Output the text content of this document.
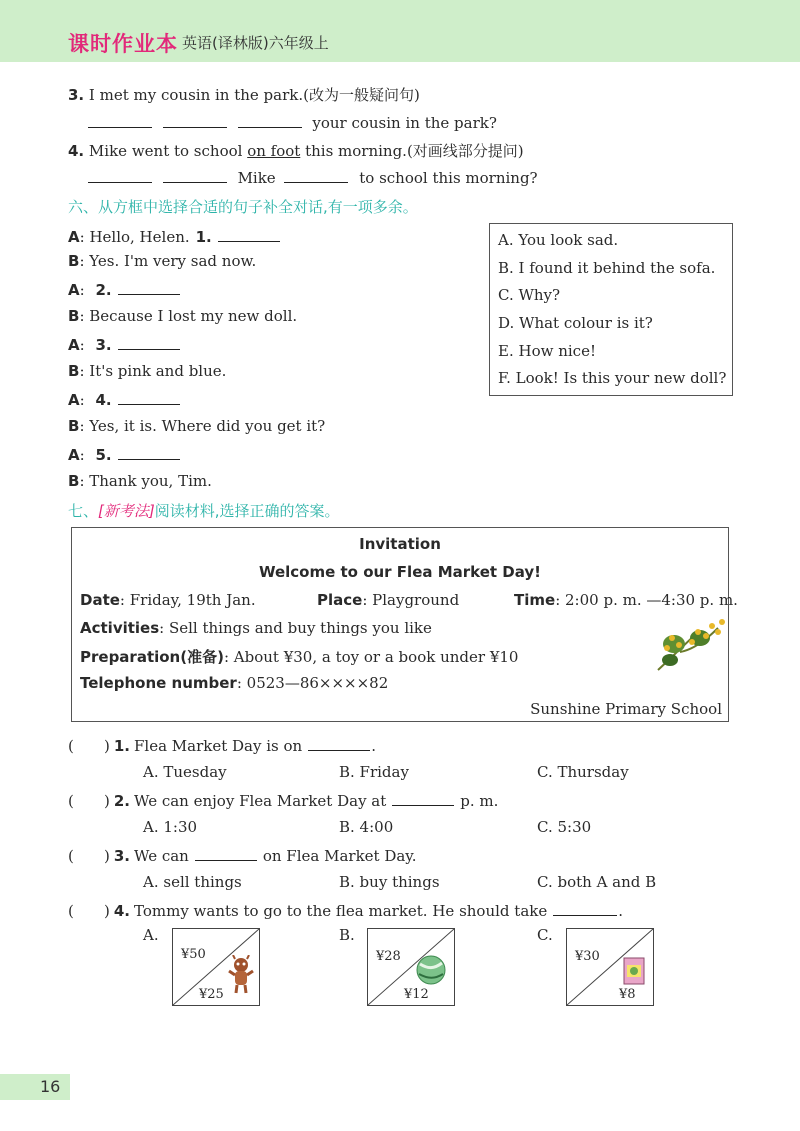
课时作业本 英语(译林版)六年级上
3. I met my cousin in the park.(改为一般疑问句)
your cousin in the park?
4. Mike went to school on foot this morning.(对画线部分提问)
Mike	to school this morning?
六、从方框中选择合适的句子补全对话,有一项多余。
A: Hello, Helen. 1.
B: Yes. I'm very sad now.
A: 2.
B: Because I lost my new doll.
A: 3.
B: It's pink and blue.
A: 4.
B: Yes, it is. Where did you get it?
A: 5.
B: Thank you, Tim.
A. You look sad.
B. I found it behind the sofa.
C. Why?
D. What colour is it?
E. How nice!
F. Look! Is this your new doll?
七、[新考法]阅读材料,选择正确的答案。
Invitation
Welcome to our Flea Market Day!
Date: Friday, 19th Jan.	Place: Playground	Time: 2:00 p. m. —4:30 p. m.
Activities: Sell things and buy things you like
Preparation(准备): About ¥30, a toy or a book under ¥10
Telephone number: 0523—86××××82
Sunshine Primary School
( ) 1. Flea Market Day is on	.
A. Tuesday	B. Friday	C. Thursday
( ) 2. We can enjoy Flea Market Day at	p. m.
A. 1:30	B. 4:00	C. 5:30
( ) 3. We can	on Flea Market Day.
A. sell things	B. buy things	C. both A and B
( ) 4. Tommy wants to go to the flea market. He should take	.
A.	B.	C.
¥50
¥25
¥28
¥12
¥30
¥8
16
